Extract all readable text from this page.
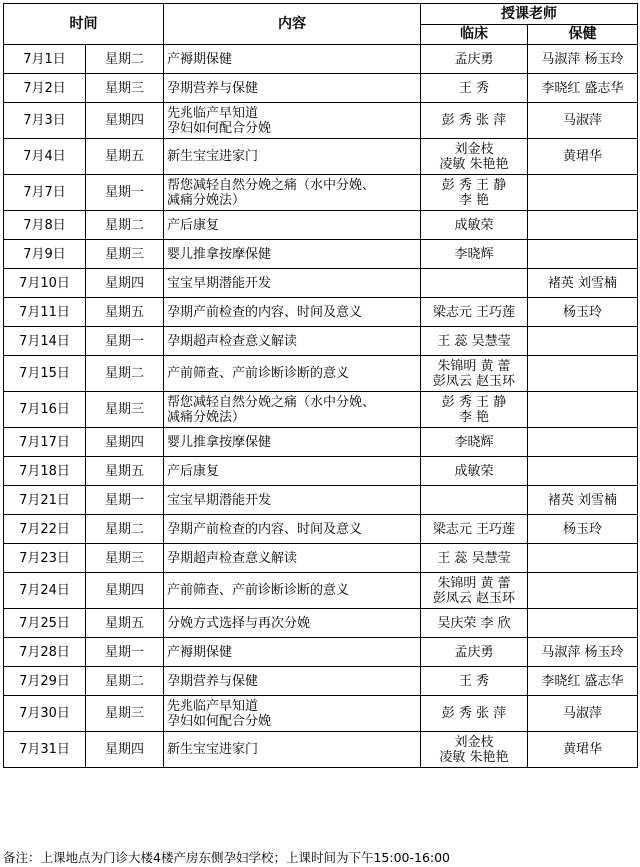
时间		内容	授课老师	
			临床	保健
7月1日	星期二	产褥期保健	孟庆勇	马淑萍 杨玉玲

7月2日	星期三	孕期营养与保健	王 秀	李晓红 盛志华

7月3日	星期四	先兆临产早知道
孕妇如何配合分娩	彭 秀 张 萍	马淑萍

7月4日	星期五	新生宝宝进家门	刘金枝
凌敏 朱艳艳	黄珺华

7月7日	星期一	帮您减轻自然分娩之痛（水中分娩、
减痛分娩法）	彭 秀 王 静
李 艳	

7月8日	星期二	产后康复	成敏荣	

7月9日	星期三	婴儿推拿按摩保健	李晓辉	

7月10日	星期四	宝宝早期潜能开发		褚英 刘雪楠

7月11日	星期五	孕期产前检查的内容、时间及意义	梁志元 王巧莲	杨玉玲

7月14日	星期一	孕期超声检查意义解读	王 蕊 吴慧莹	

7月15日	星期二	产前筛查、产前诊断诊断的意义	朱锦明 黄 蕾
彭凤云 赵玉环	

7月16日	星期三	帮您减轻自然分娩之痛（水中分娩、
减痛分娩法）	彭 秀 王 静
李 艳	

7月17日	星期四	婴儿推拿按摩保健	李晓辉	

7月18日	星期五	产后康复	成敏荣	

7月21日	星期一	宝宝早期潜能开发		褚英 刘雪楠

7月22日	星期二	孕期产前检查的内容、时间及意义	梁志元 王巧莲	杨玉玲

7月23日	星期三	孕期超声检查意义解读	王 蕊 吴慧莹	

7月24日	星期四	产前筛查、产前诊断诊断的意义	朱锦明 黄 蕾
彭凤云 赵玉环	

7月25日	星期五	分娩方式选择与再次分娩	吴庆荣 李 欣	

7月28日	星期一	产褥期保健	孟庆勇	马淑萍 杨玉玲

7月29日	星期二	孕期营养与保健	王 秀	李晓红 盛志华

7月30日	星期三	先兆临产早知道
孕妇如何配合分娩	彭 秀 张 萍	马淑萍

7月31日	星期四	新生宝宝进家门	刘金枝
凌敏 朱艳艳	黄珺华
备注：上课地点为门诊大楼4楼产房东侧孕妇学校；上课时间为下午15:00-16:00
